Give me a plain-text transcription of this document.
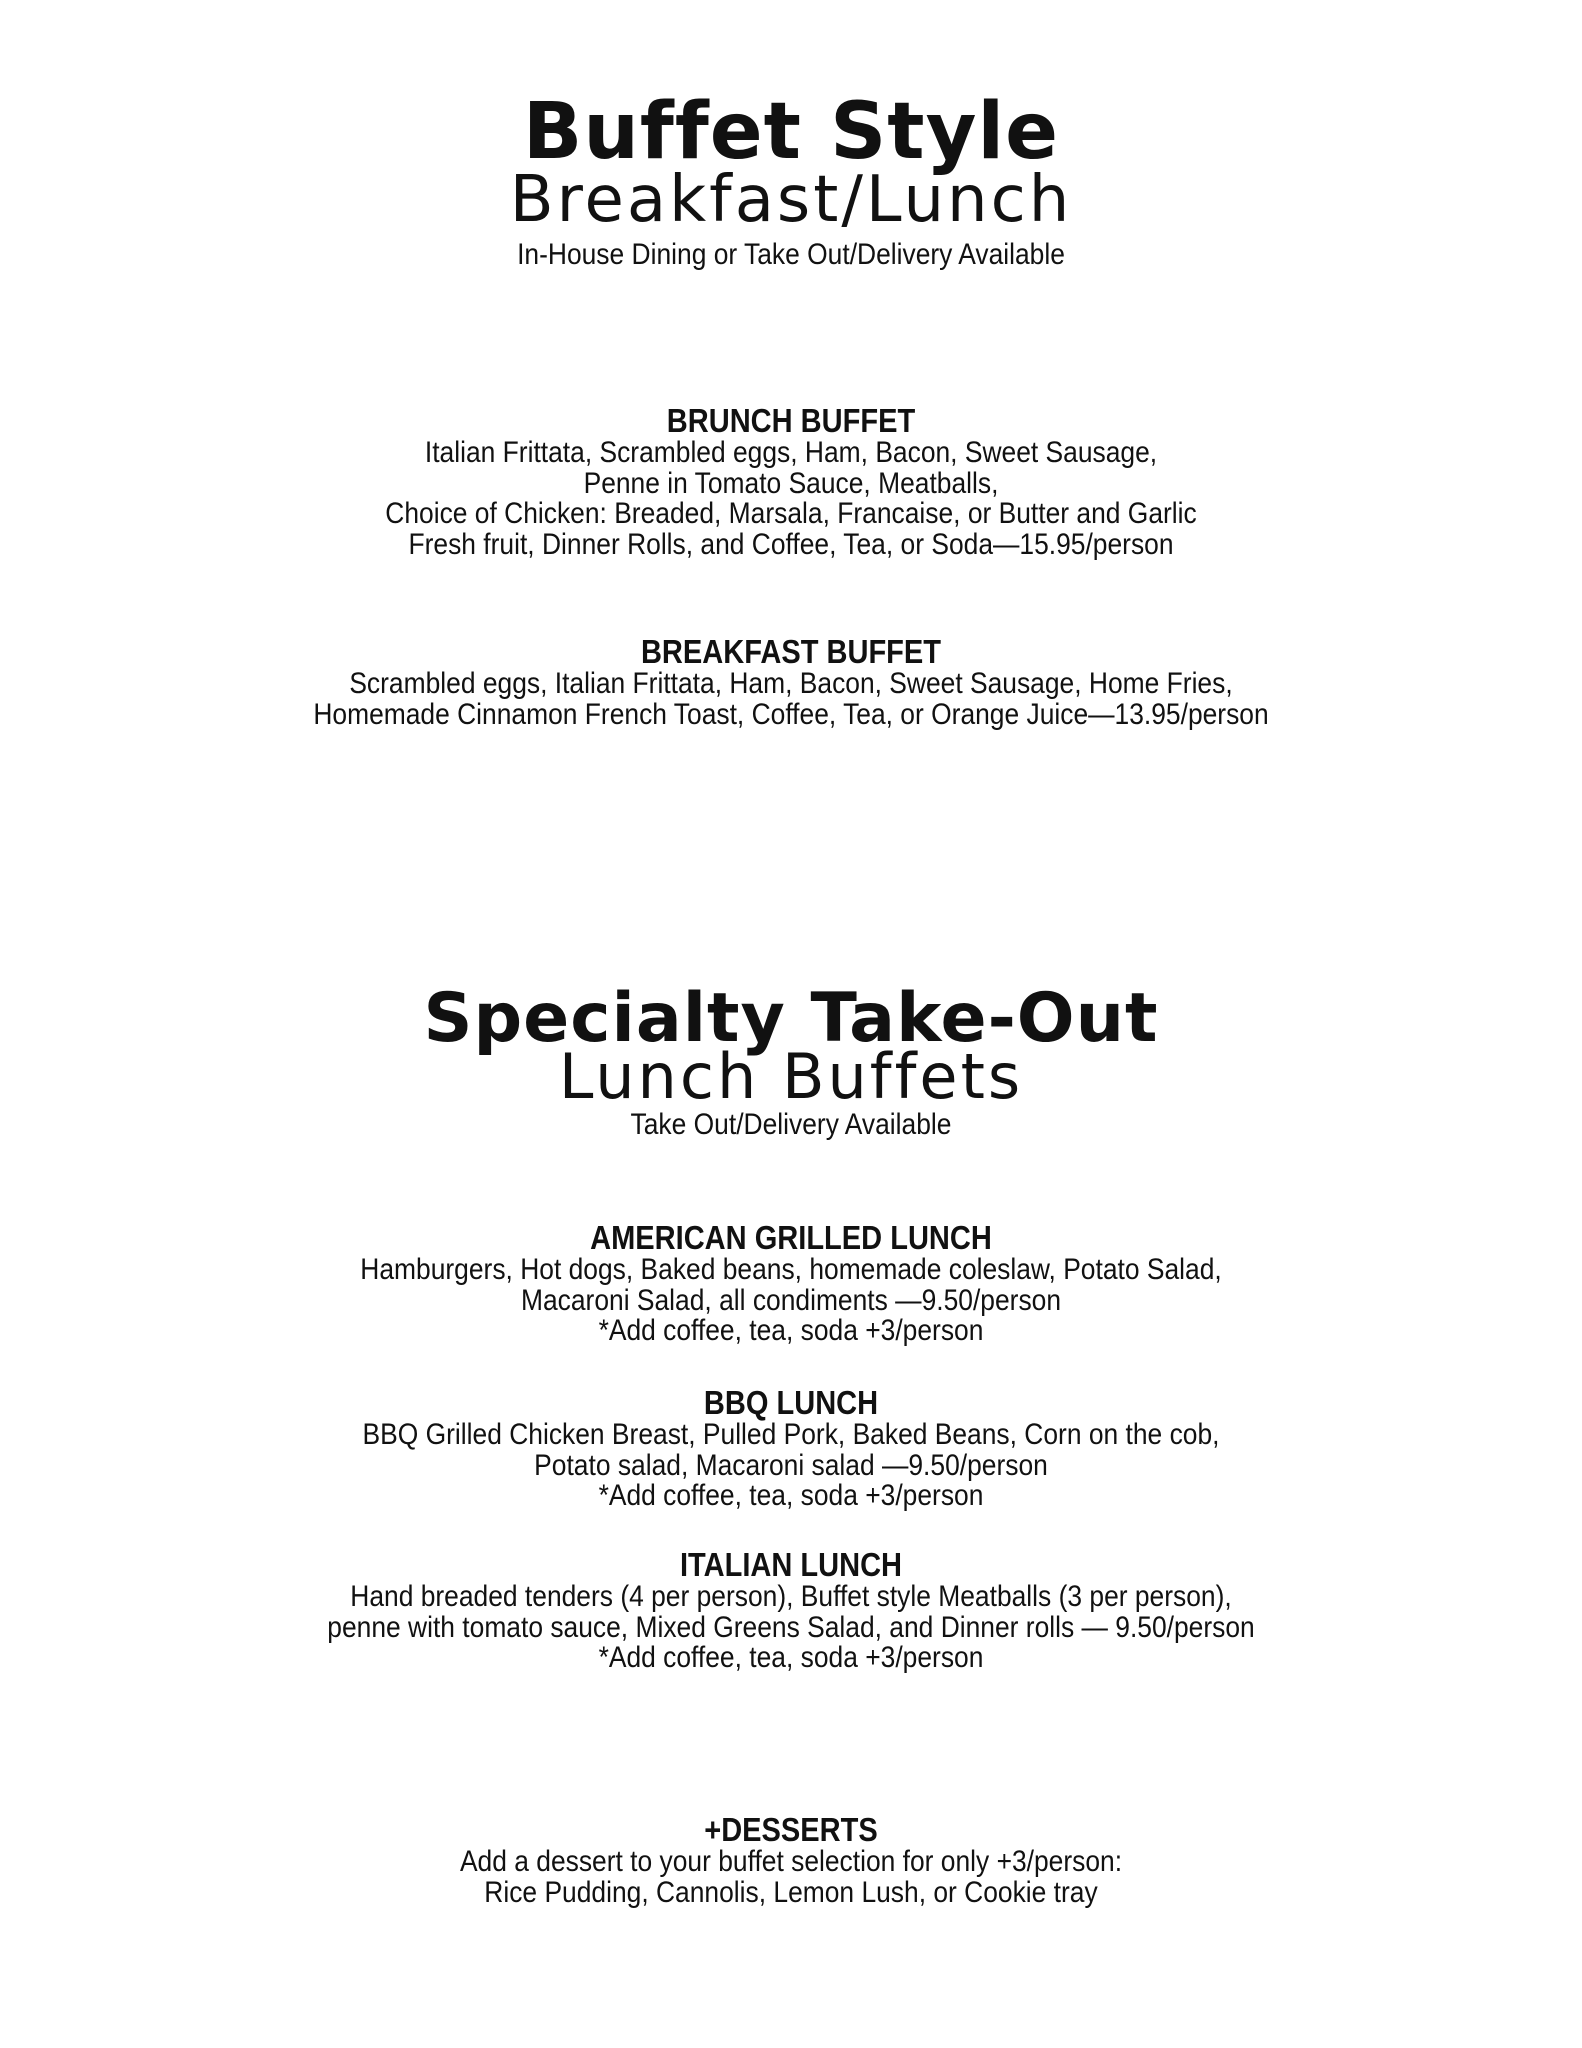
Buffet Style
Breakfast/Lunch
In-House Dining or Take Out/Delivery Available
BRUNCH BUFFET
Italian Frittata, Scrambled eggs, Ham, Bacon, Sweet Sausage,
Penne in Tomato Sauce, Meatballs,
Choice of Chicken: Breaded, Marsala, Francaise, or Butter and Garlic
Fresh fruit, Dinner Rolls, and Coffee, Tea, or Soda—15.95/person
BREAKFAST BUFFET
Scrambled eggs, Italian Frittata, Ham, Bacon, Sweet Sausage, Home Fries,
Homemade Cinnamon French Toast, Coffee, Tea, or Orange Juice—13.95/person
Specialty Take-Out
Lunch Buffets
Take Out/Delivery Available
AMERICAN GRILLED LUNCH
Hamburgers, Hot dogs, Baked beans, homemade coleslaw, Potato Salad,
Macaroni Salad, all condiments —9.50/person
*Add coffee, tea, soda +3/person
BBQ LUNCH
BBQ Grilled Chicken Breast, Pulled Pork, Baked Beans, Corn on the cob,
Potato salad, Macaroni salad —9.50/person
*Add coffee, tea, soda +3/person
ITALIAN LUNCH
Hand breaded tenders (4 per person), Buffet style Meatballs (3 per person),
penne with tomato sauce, Mixed Greens Salad, and Dinner rolls — 9.50/person
*Add coffee, tea, soda +3/person
+DESSERTS
Add a dessert to your buffet selection for only +3/person:
Rice Pudding, Cannolis, Lemon Lush, or Cookie tray
